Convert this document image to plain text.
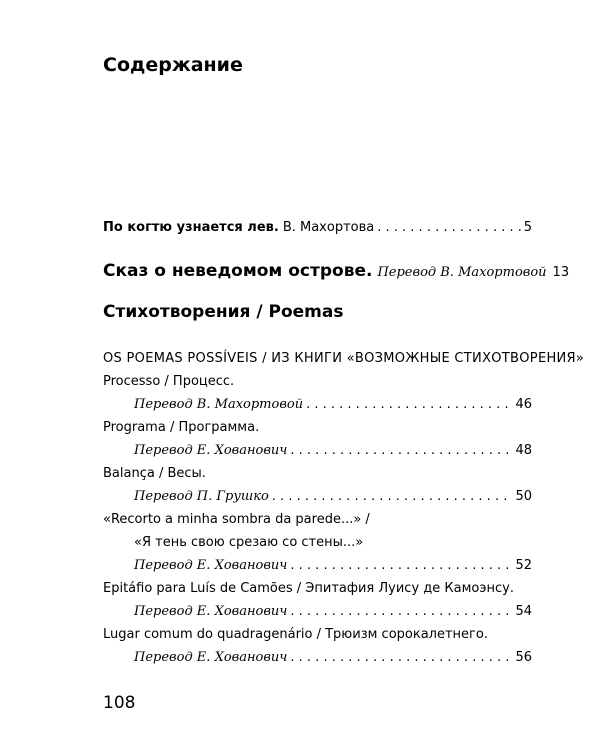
Содержание
По когтю узнается лев. В. Махортова . . .	5
Сказ о неведомом острове. Перевод В. Махортовой 13
Стихотворения / Poemas
OS POEMAS POSSÍVEIS / ИЗ КНИГИ «ВОЗМОЖНЫЕ СТИХОТВОРЕНИЯ»
Processo / Процесс.
Перевод В. Махортовой . . .	46
Programa / Программа.
Перевод Е. Хованович . . .	48
Balança / Весы.
Перевод П. Грушко . . .	50
«Recorto a minha sombra da parede...» /
«Я тень свою срезаю со стены...»
Перевод Е. Хованович . . .	52
Epitáfio para Luís de Camões / Эпитафия Луису де Камоэнсу.
Перевод Е. Хованович . . .	54
Lugar comum do quadragenário / Трюизм сорокалетнего.
Перевод Е. Хованович . . .	56
108
